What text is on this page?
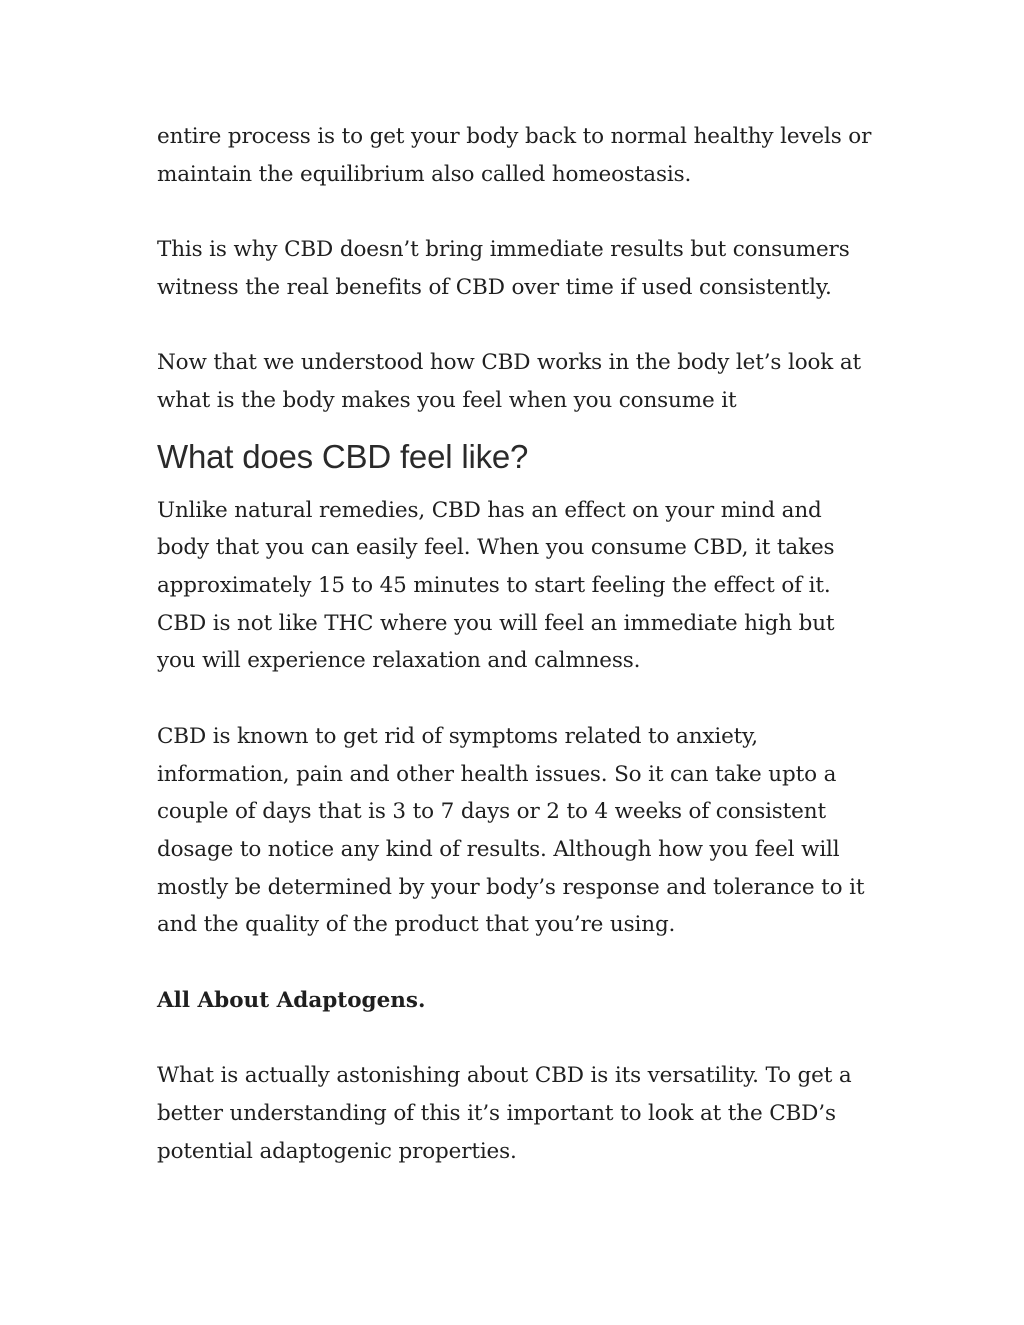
entire process is to get your body back to normal healthy levels or maintain the equilibrium also called homeostasis.

This is why CBD doesn’t bring immediate results but consumers witness the real benefits of CBD over time if used consistently.

Now that we understood how CBD works in the body let’s look at what is the body makes you feel when you consume it

What does CBD feel like?

Unlike natural remedies, CBD has an effect on your mind and body that you can easily feel. When you consume CBD, it takes approximately 15 to 45 minutes to start feeling the effect of it. CBD is not like THC where you will feel an immediate high but you will experience relaxation and calmness.

CBD is known to get rid of symptoms related to anxiety, information, pain and other health issues. So it can take upto a couple of days that is 3 to 7 days or 2 to 4 weeks of consistent dosage to notice any kind of results. Although how you feel will mostly be determined by your body’s response and tolerance to it and the quality of the product that you’re using.

All About Adaptogens.

What is actually astonishing about CBD is its versatility. To get a better understanding of this it’s important to look at the CBD’s potential adaptogenic properties.
